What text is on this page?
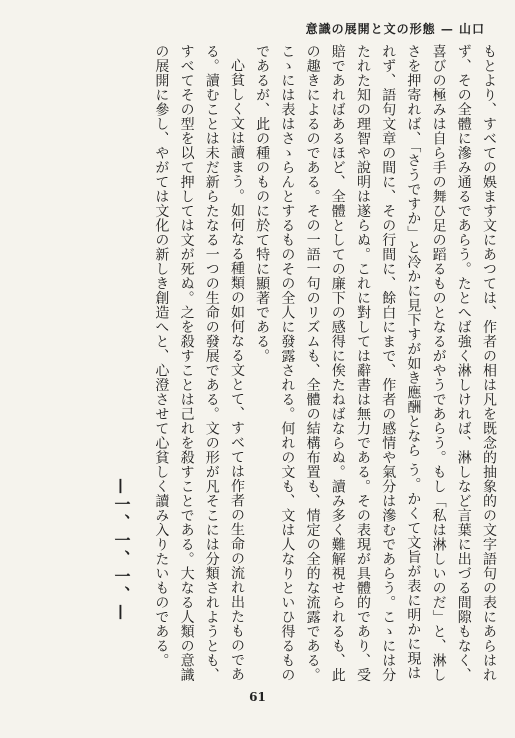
意識の展開と文の形態 — 山口

もとより、すべての娛ます文にあつては、作者の相は凡を既念的抽象的の文字語句の表にあらはれず、その全體に滲み通るであらう。たとへば強く淋しければ、淋しなど言葉に出づる間隙もなく、喜びの極みは自ら手の舞ひ足の蹈るものとなるがやうであらう。もし「私は淋しいのだ」と、淋しさを押寄れば、「さうですか」と冷かに見下すが如き應酬となら う。かくて文旨が表に明かに現はれず、語句文章の間に、その行間に、餘白にまで、作者の感情や氣分は滲むであらう。こゝには分たれた知の理智や說明は遂らぬ。これに對しては辭書は無力である。その表現が具體的であり、受賠であればあるほど、全體としての廉下の感得に俟たねばならぬ。讀み多く難解視せられるも、此の趣きによるのである。その一語一句のリズムも、全體の結構布置も、情定の全的な流露である。こゝには表はさゝらんとするものその全人に發露される。何れの文も、文は人なりといひ得るものであるが、此の種のものに於て特に顯著である。

心貧しく文は讀まう。如何なる種類の如何なる文とて、すべては作者の生命の流れ出たものである。讀むことは未だ新らたなる一つの生命の發展である。文の形が凡そこには分類されようとも、すべてその型を以て押しては文が死ぬ。之を殺すことは己れを殺すことである。大なる人類の意識の展開に參し、やがては文化の新しき創造へと、心澄させて心貧しく讀み入りたいものである。

—一、一、一、—
61
